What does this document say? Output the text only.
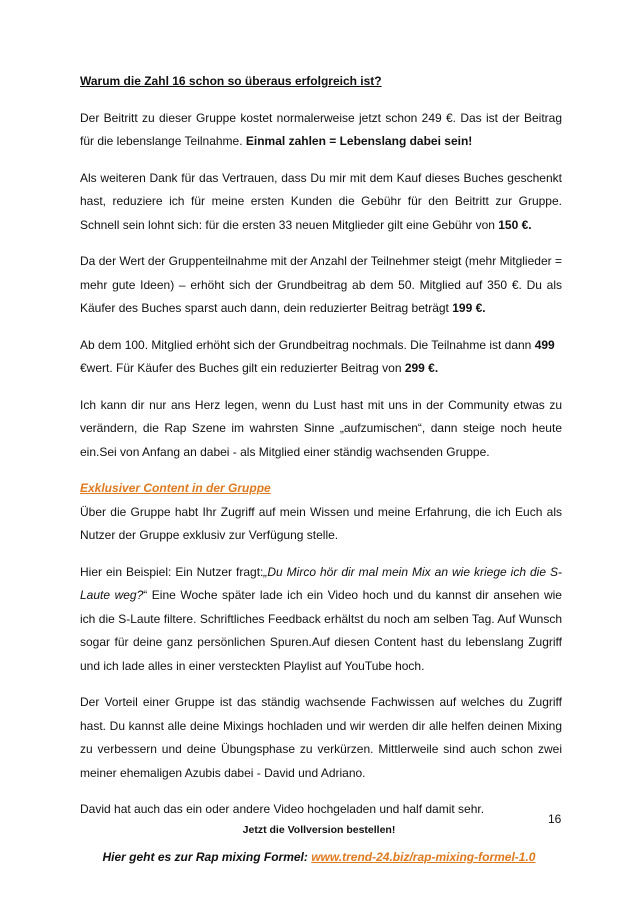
Warum die Zahl 16 schon so überaus erfolgreich ist?

Der Beitritt zu dieser Gruppe kostet normalerweise jetzt schon 249 €. Das ist der Beitrag für die lebenslange Teilnahme. Einmal zahlen = Lebenslang dabei sein!

Als weiteren Dank für das Vertrauen, dass Du mir mit dem Kauf dieses Buches geschenkt hast, reduziere ich für meine ersten Kunden die Gebühr für den Beitritt zur Gruppe. Schnell sein lohnt sich: für die ersten 33 neuen Mitglieder gilt eine Gebühr von 150 €.

Da der Wert der Gruppenteilnahme mit der Anzahl der Teilnehmer steigt (mehr Mitglieder = mehr gute Ideen) – erhöht sich der Grundbeitrag ab dem 50. Mitglied auf 350 €. Du als Käufer des Buches sparst auch dann, dein reduzierter Beitrag beträgt 199 €.

Ab dem 100. Mitglied erhöht sich der Grundbeitrag nochmals. Die Teilnahme ist dann 499
€wert. Für Käufer des Buches gilt ein reduzierter Beitrag von 299 €.

Ich kann dir nur ans Herz legen, wenn du Lust hast mit uns in der Community etwas zu verändern, die Rap Szene im wahrsten Sinne „aufzumischen“, dann steige noch heute ein.Sei von Anfang an dabei - als Mitglied einer ständig wachsenden Gruppe.

Exklusiver Content in der Gruppe

Über die Gruppe habt Ihr Zugriff auf mein Wissen und meine Erfahrung, die ich Euch als Nutzer der Gruppe exklusiv zur Verfügung stelle.

Hier ein Beispiel: Ein Nutzer fragt:„Du Mirco hör dir mal mein Mix an wie kriege ich die S-Laute weg?“ Eine Woche später lade ich ein Video hoch und du kannst dir ansehen wie ich die S-Laute filtere. Schriftliches Feedback erhältst du noch am selben Tag. Auf Wunsch sogar für deine ganz persönlichen Spuren.Auf diesen Content hast du lebenslang Zugriff und ich lade alles in einer versteckten Playlist auf YouTube hoch.

Der Vorteil einer Gruppe ist das ständig wachsende Fachwissen auf welches du Zugriff hast. Du kannst alle deine Mixings hochladen und wir werden dir alle helfen deinen Mixing zu verbessern und deine Übungsphase zu verkürzen. Mittlerweile sind auch schon zwei meiner ehemaligen Azubis dabei - David und Adriano.

David hat auch das ein oder andere Video hochgeladen und half damit sehr.

16
Jetzt die Vollversion bestellen!
Hier geht es zur Rap mixing Formel: www.trend-24.biz/rap-mixing-formel-1.0
